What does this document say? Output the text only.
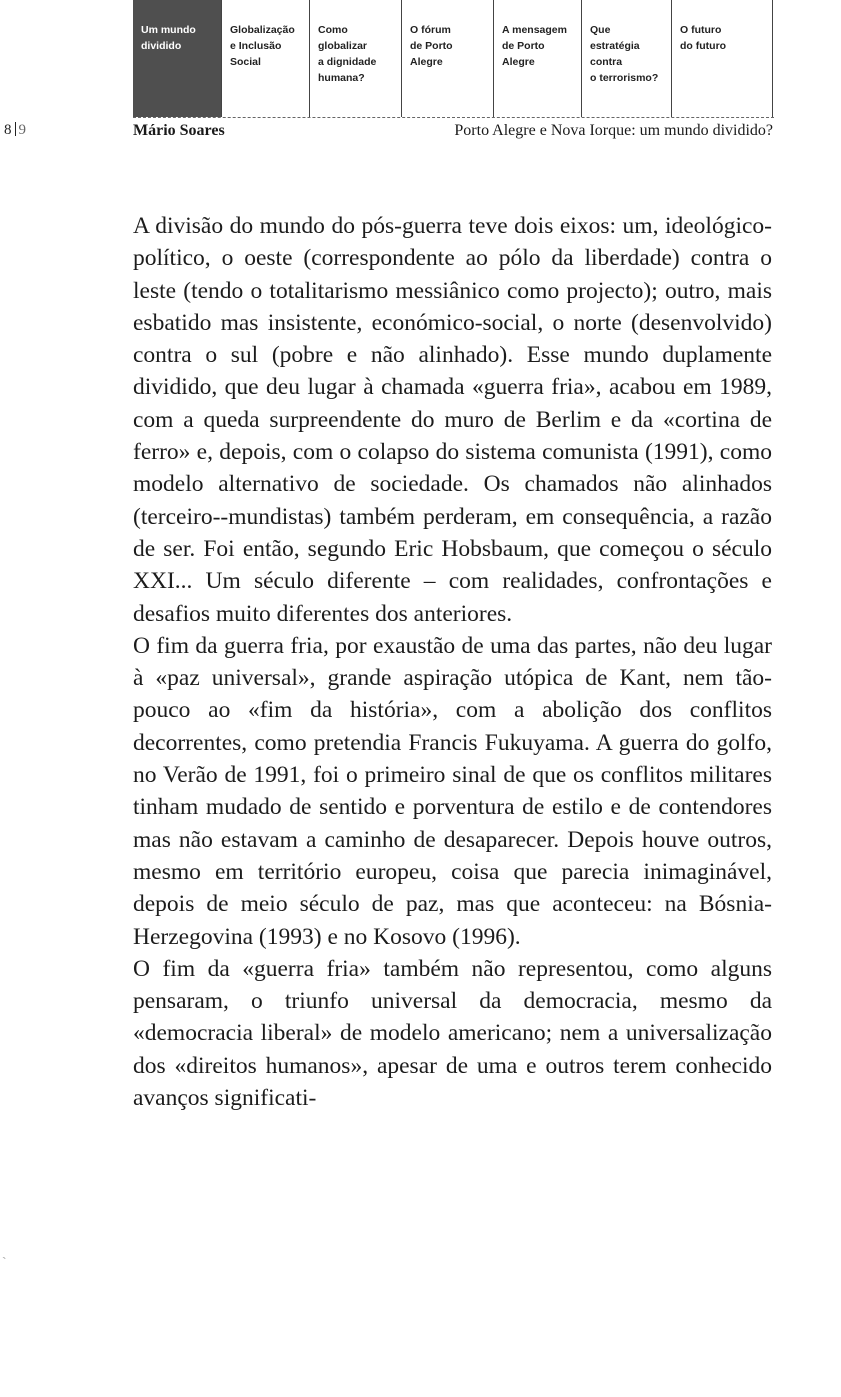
Um mundo
dividido
Globalização
e Inclusão
Social
Como
globalizar
a dignidade
humana?
O fórum
de Porto
Alegre
A mensagem
de Porto
Alegre
Que
estratégia
contra
o terrorismo?
O futuro
do futuro
8 9	Mário Soares	Porto Alegre e Nova Iorque: um mundo dividido?

A divisão do mundo do pós-guerra teve dois eixos: um, ideológico-político, o oeste (correspondente ao pólo da liberdade) contra o leste (tendo o totalitarismo messiânico como projecto); outro, mais esbatido mas insistente, económico-social, o norte (desenvolvido) contra o sul (pobre e não alinhado). Esse mundo duplamente dividido, que deu lugar à chamada «guerra fria», acabou em 1989, com a queda surpreendente do muro de Berlim e da «cortina de ferro» e, depois, com o colapso do sistema comunista (1991), como modelo alternativo de sociedade. Os chamados não alinhados (terceiro-‑mundistas) também perderam, em consequência, a razão de ser. Foi então, segundo Eric Hobsbaum, que começou o século XXI... Um século diferente – com realidades, confrontações e desafios muito diferentes dos anteriores.

O fim da guerra fria, por exaustão de uma das partes, não deu lugar à «paz universal», grande aspiração utópica de Kant, nem tão-pouco ao «fim da história», com a abolição dos conflitos decorrentes, como pretendia Francis Fukuyama. A guerra do golfo, no Verão de 1991, foi o primeiro sinal de que os conflitos militares tinham mudado de sentido e porventura de estilo e de contendores mas não estavam a caminho de desaparecer. Depois houve outros, mesmo em território europeu, coisa que parecia inimaginável, depois de meio século de paz, mas que aconteceu: na Bósnia-Herzegovina (1993) e no Kosovo (1996).

O fim da «guerra fria» também não representou, como alguns pensaram, o triunfo universal da democracia, mesmo da «democracia liberal» de modelo americano; nem a universalização dos «direitos humanos», apesar de uma e outros terem conhecido avanços significati-

`
